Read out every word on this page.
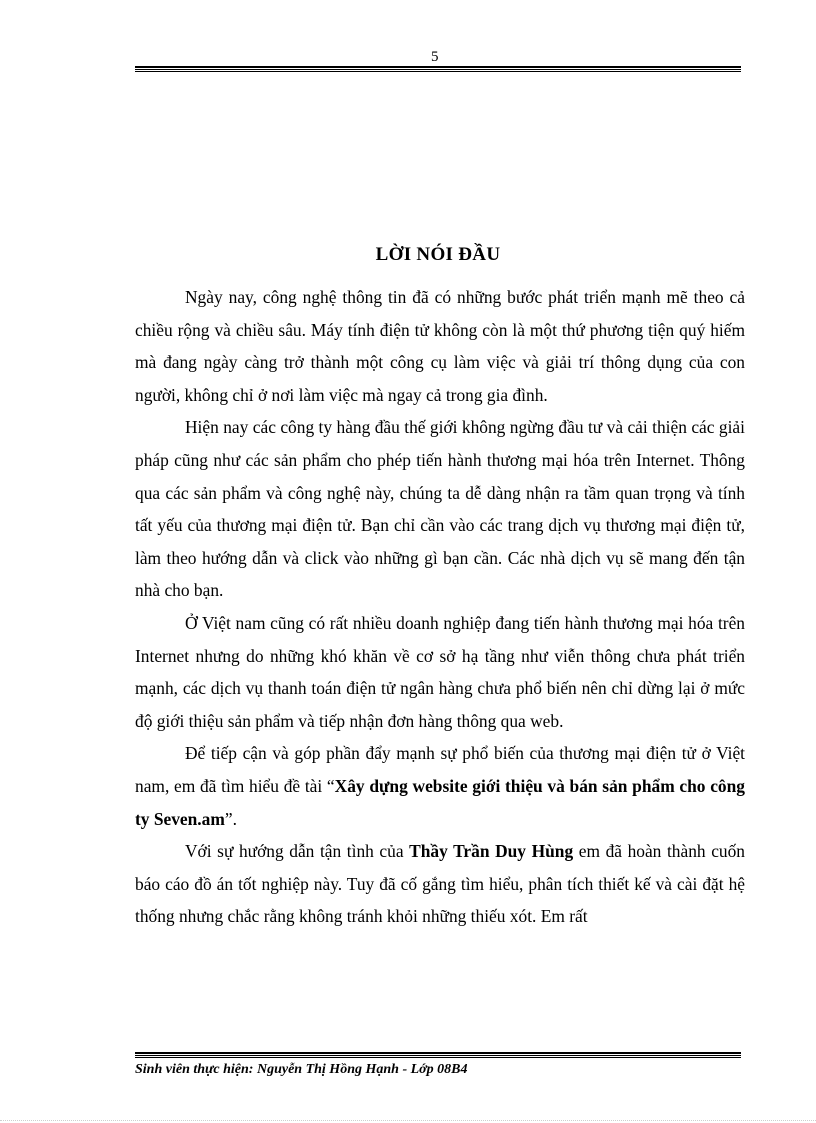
5
LỜI NÓI ĐẦU

Ngày nay, công nghệ thông tin đã có những bước phát triển mạnh mẽ theo cả chiều rộng và chiều sâu. Máy tính điện tử không còn là một thứ phương tiện quý hiếm mà đang ngày càng trở thành một công cụ làm việc và giải trí thông dụng của con người, không chỉ ở nơi làm việc mà ngay cả trong gia đình.

Hiện nay các công ty hàng đầu thế giới không ngừng đầu tư và cải thiện các giải pháp cũng như các sản phẩm cho phép tiến hành thương mại hóa trên Internet. Thông qua các sản phẩm và công nghệ này, chúng ta dễ dàng nhận ra tầm quan trọng và tính tất yếu của thương mại điện tử. Bạn chỉ cần vào các trang dịch vụ thương mại điện tử, làm theo hướng dẫn và click vào những gì bạn cần. Các nhà dịch vụ sẽ mang đến tận nhà cho bạn.

Ở Việt nam cũng có rất nhiều doanh nghiệp đang tiến hành thương mại hóa trên Internet nhưng do những khó khăn về cơ sở hạ tầng như viễn thông chưa phát triển mạnh, các dịch vụ thanh toán điện tử ngân hàng chưa phổ biến nên chỉ dừng lại ở mức độ giới thiệu sản phẩm và tiếp nhận đơn hàng thông qua web.

Để tiếp cận và góp phần đẩy mạnh sự phổ biến của thương mại điện tử ở Việt nam, em đã tìm hiểu đề tài “Xây dựng website giới thiệu và bán sản phẩm cho công ty Seven.am”.

Với sự hướng dẫn tận tình của Thầy Trần Duy Hùng em đã hoàn thành cuốn báo cáo đồ án tốt nghiệp này. Tuy đã cố gắng tìm hiểu, phân tích thiết kế và cài đặt hệ thống nhưng chắc rằng không tránh khỏi những thiếu xót. Em rất

Sinh viên thực hiện: Nguyễn Thị Hồng Hạnh - Lớp 08B4
